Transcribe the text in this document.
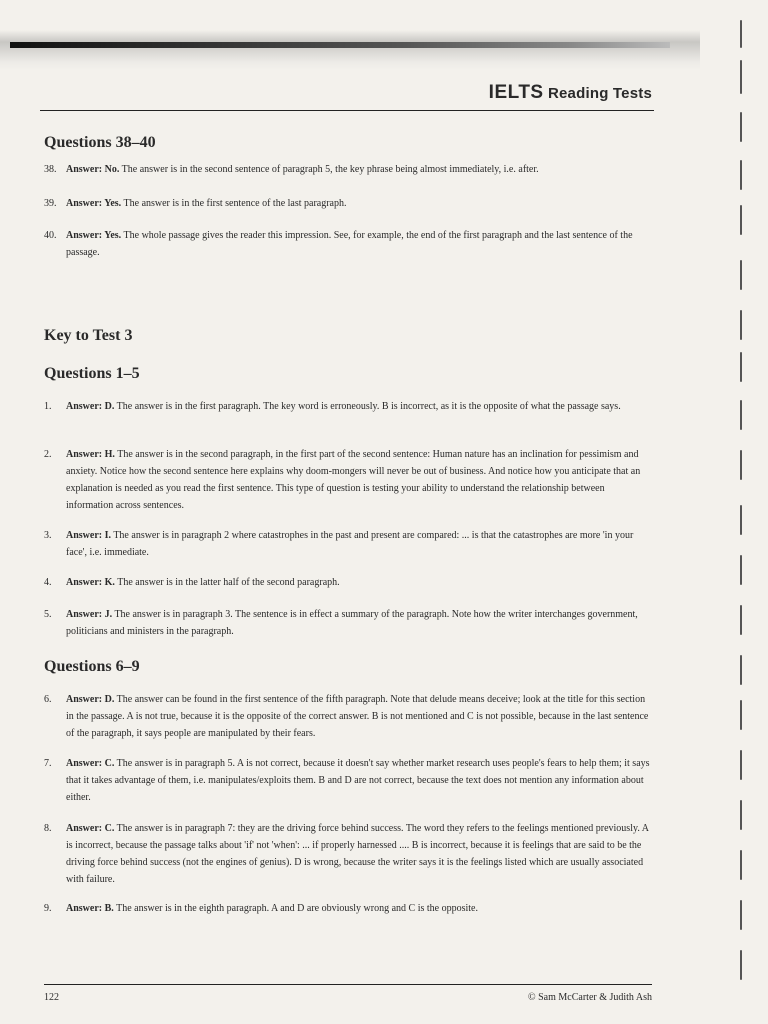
IELTS Reading Tests
Questions 38–40
38. Answer: No. The answer is in the second sentence of paragraph 5, the key phrase being almost immediately, i.e. after.
39. Answer: Yes. The answer is in the first sentence of the last paragraph.
40. Answer: Yes. The whole passage gives the reader this impression. See, for example, the end of the first paragraph and the last sentence of the passage.
Key to Test 3
Questions 1–5
1.	Answer: D. The answer is in the first paragraph. The key word is erroneously. B is incorrect, as it is the opposite of what the passage says.
2.	Answer: H. The answer is in the second paragraph, in the first part of the second sentence: Human nature has an inclination for pessimism and anxiety. Notice how the second sentence here explains why doom-mongers will never be out of business. And notice how you anticipate that an explanation is needed as you read the first sentence. This type of question is testing your ability to understand the relationship between information across sentences.
3.	Answer: I. The answer is in paragraph 2 where catastrophes in the past and present are compared: ... is that the catastrophes are more 'in your face', i.e. immediate.
4.	Answer: K. The answer is in the latter half of the second paragraph.
5.	Answer: J. The answer is in paragraph 3. The sentence is in effect a summary of the paragraph. Note how the writer interchanges government, politicians and ministers in the paragraph.
Questions 6–9
6.	Answer: D. The answer can be found in the first sentence of the fifth paragraph. Note that delude means deceive; look at the title for this section in the passage. A is not true, because it is the opposite of the correct answer. B is not mentioned and C is not possible, because in the last sentence of the paragraph, it says people are manipulated by their fears.
7.	Answer: C. The answer is in paragraph 5. A is not correct, because it doesn't say whether market research uses people's fears to help them; it says that it takes advantage of them, i.e. manipulates/exploits them. B and D are not correct, because the text does not mention any information about either.
8.	Answer: C. The answer is in paragraph 7: they are the driving force behind success. The word they refers to the feelings mentioned previously. A is incorrect, because the passage talks about 'if' not 'when': ... if properly harnessed .... B is incorrect, because it is feelings that are said to be the driving force behind success (not the engines of genius). D is wrong, because the writer says it is the feelings listed which are usually associated with failure.
9.	Answer: B. The answer is in the eighth paragraph. A and D are obviously wrong and C is the opposite.
122	© Sam McCarter & Judith Ash
